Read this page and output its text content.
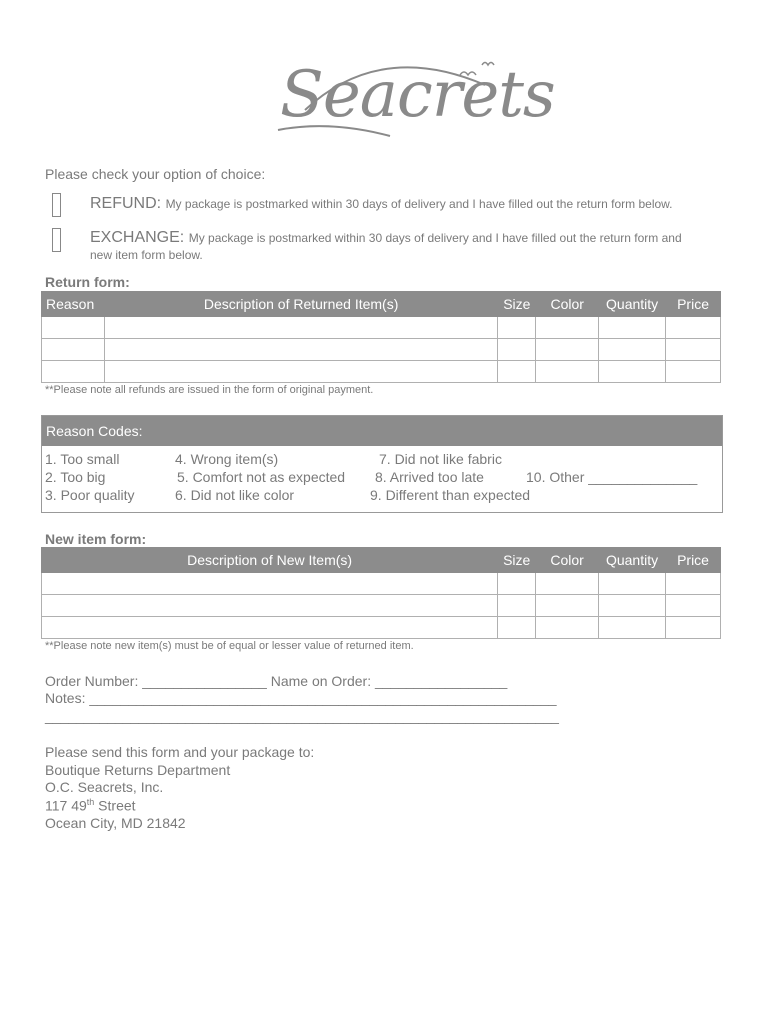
Seacrets
Please check your option of choice:
REFUND: My package is postmarked within 30 days of delivery and I have filled out the return form below.
EXCHANGE: My package is postmarked within 30 days of delivery and I have filled out the return form and
new item form below.
Return form:
Reason	Description of Returned Item(s)	Size	Color	Quantity	Price

**Please note all refunds are issued in the form of original payment.
Reason Codes:
1. Too small
2. Too big
3. Poor quality
4. Wrong item(s)
5. Comfort not as expected
6. Did not like color
7. Did not like fabric
8. Arrived too late
9. Different than expected
10. Other ______________
New item form:
Description of New Item(s)	Size	Color	Quantity	Price

**Please note new item(s) must be of equal or lesser value of returned item.
Order Number: ________________ Name on Order: _________________
Notes: ____________________________________________________________
__________________________________________________________________
Please send this form and your package to:
Boutique Returns Department
O.C. Seacrets, Inc.
117 49th Street
Ocean City, MD 21842
